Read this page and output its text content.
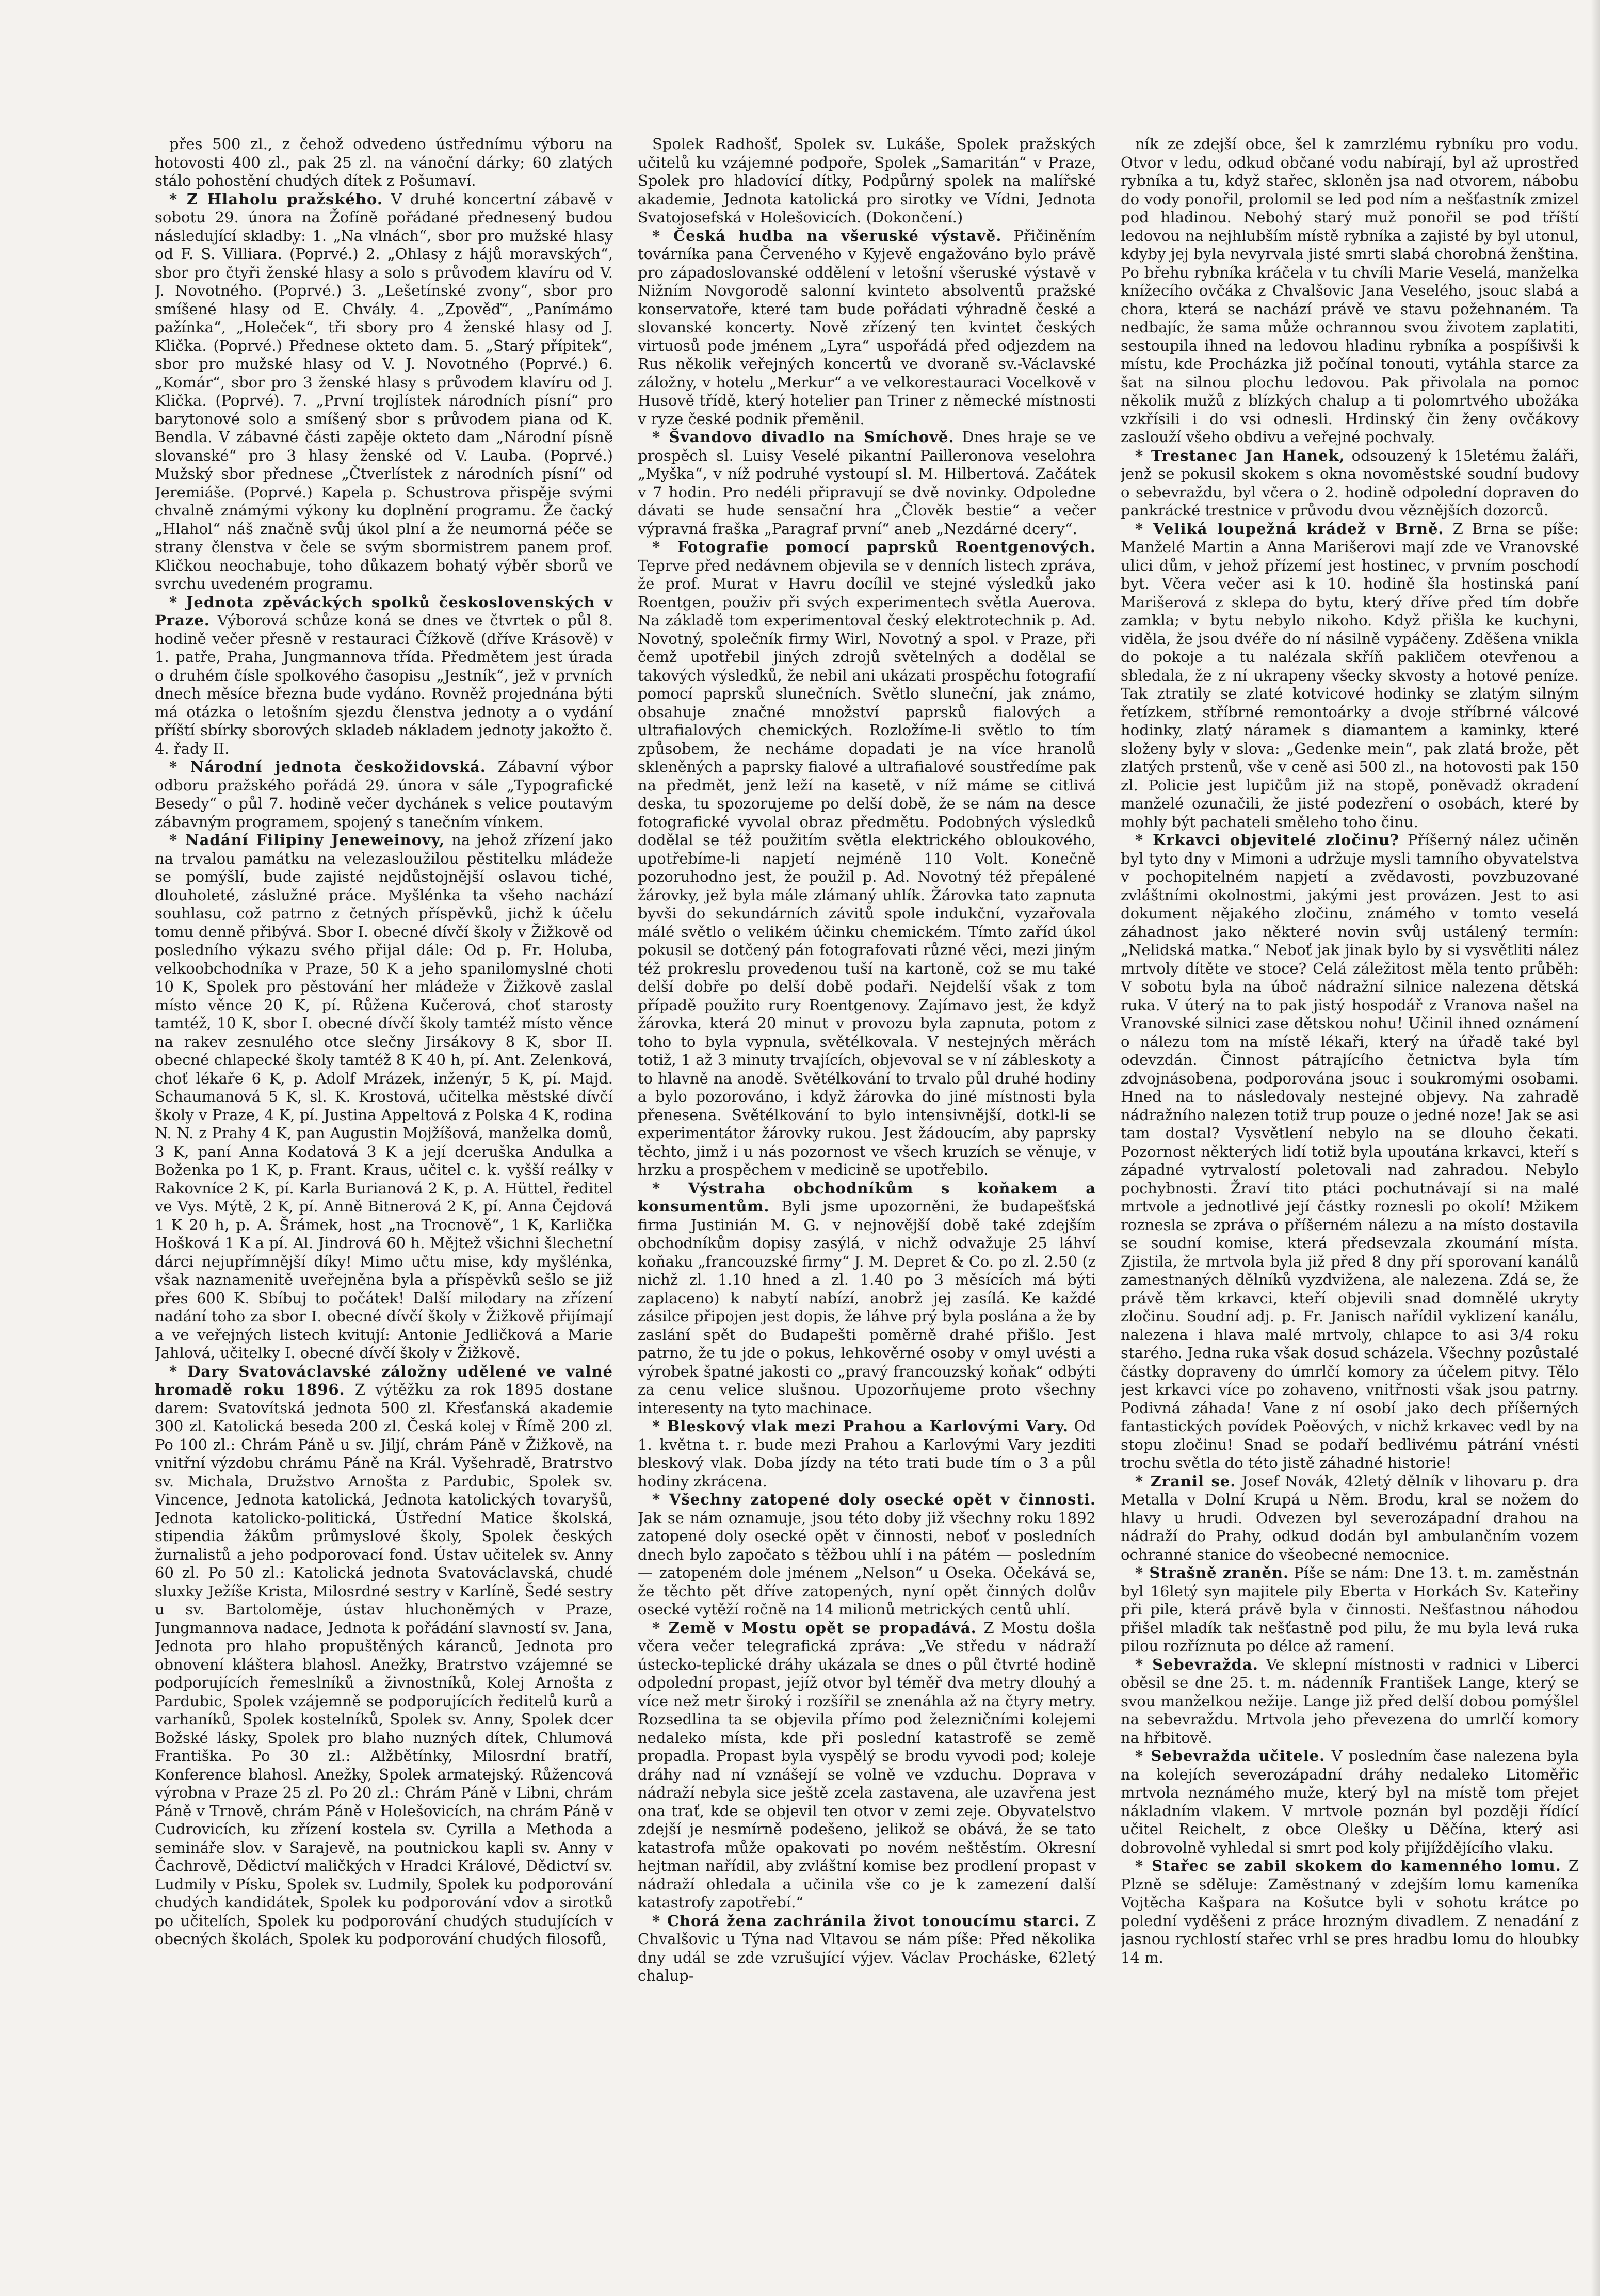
přes 500 zl., z čehož odvedeno ústřednímu výboru na hotovosti 400 zl., pak 25 zl. na vánoční dárky; 60 zlatých stálo pohostění chudých dítek z Pošumaví.

* Z Hlaholu pražského. V druhé koncertní zábavě v sobotu 29. února na Žofíně pořádané přednesený budou následující skladby: 1. „Na vlnách“, sbor pro mužské hlasy od F. S. Villiara. (Poprvé.) 2. „Ohlasy z hájů moravských“, sbor pro čtyři ženské hlasy a solo s průvodem klavíru od V. J. Novotného. (Poprvé.) 3. „Lešetínské zvony“, sbor pro smíšené hlasy od E. Chvály. 4. „Zpověď“, „Panímámo pažínka“, „Holeček“, tři sbory pro 4 ženské hlasy od J. Klička. (Poprvé.) Přednese okteto dam. 5. „Starý přípitek“, sbor pro mužské hlasy od V. J. Novotného (Poprvé.) 6. „Komár“, sbor pro 3 ženské hlasy s průvodem klavíru od J. Klička. (Poprvé). 7. „První trojlístek národních písní“ pro barytonové solo a smíšený sbor s průvodem piana od K. Bendla. V zábavné části zapěje okteto dam „Národní písně slovanské“ pro 3 hlasy ženské od V. Lauba. (Poprvé.) Mužský sbor přednese „Čtverlístek z národních písní“ od Jeremiáše. (Poprvé.) Kapela p. Schustrova přispěje svými chvalně známými výkony ku doplnění programu. Že čacký „Hlahol“ náš značně svůj úkol plní a že neumorná péče se strany členstva v čele se svým sbormistrem panem prof. Kličkou neochabuje, toho důkazem bohatý výběr sborů ve svrchu uvedeném programu.

* Jednota zpěváckých spolků československých v Praze. Výborová schůze koná se dnes ve čtvrtek o půl 8. hodině večer přesně v restauraci Čížkově (dříve Krásově) v 1. patře, Praha, Jungmannova třída. Předmětem jest úrada o druhém čísle spolkového časopisu „Jestník“, jež v prvních dnech měsíce března bude vydáno. Rovněž projednána býti má otázka o letošním sjezdu členstva jednoty a o vydání příští sbírky sborových skladeb nákladem jednoty jakožto č. 4. řady II.

* Národní jednota českožidovská. Zábavní výbor odboru pražského pořádá 29. února v sále „Typografické Besedy“ o půl 7. hodině večer dychánek s velice poutavým zábavným programem, spojený s tanečním vínkem.

* Nadání Filipiny Jeneweinovy, na jehož zřízení jako na trvalou památku na velezasloužilou pěstitelku mládeže se pomýšlí, bude zajisté nejdůstojnější oslavou tiché, dlouholeté, záslužné práce. Myšlénka ta všeho nachází souhlasu, což patrno z četných příspěvků, jichž k účelu tomu denně přibývá. Sbor I. obecné dívčí školy v Žižkově od posledního výkazu svého přijal dále: Od p. Fr. Holuba, velkoobchodníka v Praze, 50 K a jeho spanilomyslné choti 10 K, Spolek pro pěstování her mládeže v Žižkově zaslal místo věnce 20 K, pí. Růžena Kučerová, choť starosty tamtéž, 10 K, sbor I. obecné dívčí školy tamtéž místo věnce na rakev zesnulého otce slečny Jirsákovy 8 K, sbor II. obecné chlapecké školy tamtéž 8 K 40 h, pí. Ant. Zelenková, choť lékaře 6 K, p. Adolf Mrázek, inženýr, 5 K, pí. Majd. Schaumanová 5 K, sl. K. Krostová, učitelka městské dívčí školy v Praze, 4 K, pí. Justina Appeltová z Polska 4 K, rodina N. N. z Prahy 4 K, pan Augustin Mojžíšová, manželka domů, 3 K, paní Anna Kodatová 3 K a její dceruška Andulka a Boženka po 1 K, p. Frant. Kraus, učitel c. k. vyšší reálky v Rakovníce 2 K, pí. Karla Burianová 2 K, p. A. Hüttel, ředitel ve Vys. Mýtě, 2 K, pí. Anně Bitnerová 2 K, pí. Anna Čejdová 1 K 20 h, p. A. Šrámek, host „na Trocnově“, 1 K, Karlička Hošková 1 K a pí. Al. Jindrová 60 h. Mějtež všichni šlechetní dárci nejupřímnější díky! Mimo učtu mise, kdy myšlénka, však naznamenitě uveřejněna byla a příspěvků sešlo se již přes 600 K. Sbíbuj to počátek! Další milodary na zřízení nadání toho za sbor I. obecné dívčí školy v Žižkově přijímají a ve veřejných listech kvitují: Antonie Jedličková a Marie Jahlová, učitelky I. obecné dívčí školy v Žižkově.

* Dary Svatováclavské záložny udělené ve valné hromadě roku 1896. Z výtěžku za rok 1895 dostane darem: Svatovítská jednota 500 zl. Křesťanská akademie 300 zl. Katolická beseda 200 zl. Česká kolej v Římě 200 zl. Po 100 zl.: Chrám Páně u sv. Jiljí, chrám Páně v Žižkově, na vnitřní výzdobu chrámu Páně na Král. Vyšehradě, Bratrstvo sv. Michala, Družstvo Arnošta z Pardubic, Spolek sv. Vincence, Jednota katolická, Jednota katolických tovaryšů, Jednota katolicko-politická, Ústřední Matice školská, stipendia žákům průmyslové školy, Spolek českých žurnalistů a jeho podporovací fond. Ústav učitelek sv. Anny 60 zl. Po 50 zl.: Katolická jednota Svatováclavská, chudé sluxky Ježíše Krista, Milosrdné sestry v Karlíně, Šedé sestry u sv. Bartoloměje, ústav hluchoněmých v Praze, Jungmannova nadace, Jednota k pořádání slavností sv. Jana, Jednota pro hlaho propuštěných káranců, Jednota pro obnovení kláštera blahosl. Anežky, Bratrstvo vzájemné se podporujících řemeslníků a živnostníků, Kolej Arnošta z Pardubic, Spolek vzájemně se podporujících ředitelů kurů a varhaníků, Spolek kostelníků, Spolek sv. Anny, Spolek dcer Božské lásky, Spolek pro blaho nuzných dítek, Chlumová Františka. Po 30 zl.: Alžbětínky, Milosrdní bratří, Konference blahosl. Anežky, Spolek armatejský. Růžencová výrobna v Praze 25 zl. Po 20 zl.: Chrám Páně v Libni, chrám Páně v Trnově, chrám Páně v Holešovicích, na chrám Páně v Cudrovicích, ku zřízení kostela sv. Cyrilla a Methoda a semináře slov. v Sarajevě, na poutnickou kapli sv. Anny v Čachrově, Dědictví maličkých v Hradci Králové, Dědictví sv. Ludmily v Písku, Spolek sv. Ludmily, Spolek ku podporování chudých kandidátek, Spolek ku podporování vdov a sirotků po učitelích, Spolek ku podporování chudých studujících v obecných školách, Spolek ku podporování chudých filosofů,

Spolek Radhošť, Spolek sv. Lukáše, Spolek pražských učitelů ku vzájemné podpoře, Spolek „Samaritán“ v Praze, Spolek pro hladovící dítky, Podpůrný spolek na malířské akademie, Jednota katolická pro sirotky ve Vídni, Jednota Svatojosefská v Holešovicích. (Dokončení.)

* Česká hudba na všeruské výstavě. Přičiněním továrníka pana Červeného v Kyjevě engažováno bylo právě pro západoslovanské oddělení v letošní všeruské výstavě v Nižním Novgorodě salonní kvinteto absolventů pražské konservatoře, které tam bude pořádati výhradně české a slovanské koncerty. Nově zřízený ten kvintet českých virtuosů pode jménem „Lyra“ uspořádá před odjezdem na Rus několik veřejných koncertů ve dvoraně sv.-Václavské záložny, v hotelu „Merkur“ a ve velkorestauraci Vocelkově v Husově třídě, který hotelier pan Triner z německé místnosti v ryze české podnik přeměnil.

* Švandovo divadlo na Smíchově. Dnes hraje se ve prospěch sl. Luisy Veselé pikantní Pailleronova veselohra „Myška“, v níž podruhé vystoupí sl. M. Hilbertová. Začátek v 7 hodin. Pro nedéli připravují se dvě novinky. Odpoledne dávati se hude sensační hra „Člověk bestie“ a večer výpravná fraška „Paragraf první“ aneb „Nezdárné dcery“.

* Fotografie pomocí paprsků Roentgenových. Teprve před nedávnem objevila se v denních listech zpráva, že prof. Murat v Havru docílil ve stejné výsledků jako Roentgen, použiv při svých experimentech světla Auerova. Na základě tom experimentoval český elektrotechnik p. Ad. Novotný, společník firmy Wirl, Novotný a spol. v Praze, při čemž upotřebil jiných zdrojů světelných a dodělal se takových výsledků, že nebil ani ukázati prospěchu fotografií pomocí paprsků slunečních. Světlo sluneční, jak známo, obsahuje značné množství paprsků fialových a ultrafialových chemických. Rozložíme-li světlo to tím způsobem, že necháme dopadati je na více hranolů skleněných a paprsky fialové a ultrafialové soustředíme pak na předmět, jenž leží na kasetě, v níž máme se citlivá deska, tu spozorujeme po delší době, že se nám na desce fotografické vyvolal obraz předmětu. Podobných výsledků dodělal se též použitím světla elektrického obloukového, upotřebíme-li napjetí nejméně 110 Volt. Konečně pozoruhodno jest, že použil p. Ad. Novotný též přepálené žárovky, jež byla mále zlámaný uhlík. Žárovka tato zapnuta byvši do sekundárních závitů spole indukční, vyzařovala málé světlo o velikém účinku chemickém. Tímto zaříd úkol pokusil se dotčený pán fotografovati různé věci, mezi jiným též prokreslu provedenou tuší na kartoně, což se mu také delší dobře po delší době podaři. Nejdelší však z tom případě použito rury Roentgenovy. Zajímavo jest, že když žárovka, která 20 minut v provozu byla zapnuta, potom z toho to byla vypnula, světélkovala. V nestejných měrách totiž, 1 až 3 minuty trvajících, objevoval se v ní zábleskoty a to hlavně na anodě. Světélkování to trvalo půl druhé hodiny a bylo pozorováno, i když žárovka do jiné místnosti byla přenesena. Světélkování to bylo intensivnější, dotkl-li se experimentátor žárovky rukou. Jest žádoucím, aby paprsky těchto, jimž i u nás pozornost ve všech kruzích se věnuje, v hrzku a prospěchem v medicině se upotřebilo.

* Výstraha obchodníkům s koňakem a konsumentům. Byli jsme upozorněni, že budapešťská firma Justinián M. G. v nejnovější době také zdejším obchodníkům dopisy zasýlá, v nichž odvažuje 25 láhví koňaku „francouzské firmy“ J. M. Depret & Co. po zl. 2.50 (z nichž zl. 1.10 hned a zl. 1.40 po 3 měsících má býti zaplaceno) k nabytí nabízí, anobrž jej zasílá. Ke každé zásilce připojen jest dopis, že láhve prý byla poslána a že by zaslání spět do Budapešti poměrně drahé přišlo. Jest patrno, že tu jde o pokus, lehkověrné osoby v omyl uvésti a výrobek špatné jakosti co „pravý francouzský koňak“ odbýti za cenu velice slušnou. Upozorňujeme proto všechny interesenty na tyto machinace.

* Bleskový vlak mezi Prahou a Karlovými Vary. Od 1. května t. r. bude mezi Prahou a Karlovými Vary jezditi bleskový vlak. Doba jízdy na této trati bude tím o 3 a půl hodiny zkrácena.

* Všechny zatopené doly osecké opět v činnosti. Jak se nám oznamuje, jsou této doby již všechny roku 1892 zatopené doly osecké opět v činnosti, neboť v posledních dnech bylo započato s těžbou uhlí i na pátém — posledním — zatopeném dole jménem „Nelson“ u Oseka. Očekává se, že těchto pět dříve zatopených, nyní opět činných dolův osecké vytěží ročně na 14 milionů metrických centů uhlí.

* Země v Mostu opět se propadává. Z Mostu došla včera večer telegrafická zpráva: „Ve středu v nádraží ústecko-teplické dráhy ukázala se dnes o půl čtvrté hodině odpolední propast, jejíž otvor byl téměř dva metry dlouhý a více než metr široký i rozšířil se znenáhla až na čtyry metry. Rozsedlina ta se objevila přímo pod železničními kolejemi nedaleko místa, kde při poslední katastrofě se země propadla. Propast byla vyspělý se brodu vyvodi pod; koleje dráhy nad ní vznášejí se volně ve vzduchu. Doprava v nádraží nebyla sice ještě zcela zastavena, ale uzavřena jest ona trať, kde se objevil ten otvor v zemi zeje. Obyvatelstvo zdejší je nesmírně podešeno, jelikož se obává, že se tato katastrofa může opakovati po novém neštěstím. Okresní hejtman nařídil, aby zvláštní komise bez prodlení propast v nádraží ohledala a učinila vše co je k zamezení další katastrofy zapotřebí.“

* Chorá žena zachránila život tonoucímu starci. Z Chvalšovic u Týna nad Vltavou se nám píše: Před několika dny udál se zde vzrušující výjev. Václav Procháske, 62letý chalup-

ník ze zdejší obce, šel k zamrzlému rybníku pro vodu. Otvor v ledu, odkud občané vodu nabírají, byl až uprostřed rybníka a tu, když stařec, skloněn jsa nad otvorem, nábobu do vody ponořil, prolomil se led pod ním a nešťastník zmizel pod hladinou. Nebohý starý muž ponořil se pod tříští ledovou na nejhlubším místě rybníka a zajisté by byl utonul, kdyby jej byla nevyrvala jisté smrti slabá chorobná ženština. Po břehu rybníka kráčela v tu chvíli Marie Veselá, manželka knížecího ovčáka z Chvalšovic Jana Veselého, jsouc slabá a chora, která se nachází právě ve stavu požehnaném. Ta nedbajíc, že sama může ochrannou svou životem zaplatiti, sestoupila ihned na ledovou hladinu rybníka a pospíšivši k místu, kde Procházka již počínal tonouti, vytáhla starce za šat na silnou plochu ledovou. Pak přivolala na pomoc několik mužů z blízkých chalup a ti polomrtvého ubožáka vzkřísili i do vsi odnesli. Hrdinský čin ženy ovčákovy zaslouží všeho obdivu a veřejné pochvaly.

* Trestanec Jan Hanek, odsouzený k 15letému žaláři, jenž se pokusil skokem s okna novoměstské soudní budovy o sebevraždu, byl včera o 2. hodině odpolední dopraven do pankrácké trestnice v průvodu dvou věznějších dozorců.

* Veliká loupežná krádež v Brně. Z Brna se píše: Manželé Martin a Anna Marišerovi mají zde ve Vranovské ulici dům, v jehož přízemí jest hostinec, v prvním poschodí byt. Včera večer asi k 10. hodině šla hostinská paní Marišerová z sklepa do bytu, který dříve před tím dobře zamkla; v bytu nebylo nikoho. Když přišla ke kuchyni, viděla, že jsou dvéře do ní násilně vypáčeny. Zděšena vnikla do pokoje a tu nalézala skříň pakličem otevřenou a sbledala, že z ní ukrapeny všecky skvosty a hotové peníze. Tak ztratily se zlaté kotvicové hodinky se zlatým silným řetízkem, stříbrné remontoárky a dvoje stříbrné válcové hodinky, zlatý náramek s diamantem a kaminky, které složeny byly v slova: „Gedenke mein“, pak zlatá brože, pět zlatých prstenů, vše v ceně asi 500 zl., na hotovosti pak 150 zl. Policie jest lupičům již na stopě, poněvadž okradení manželé ozunačili, že jisté podezření o osobách, které by mohly být pachateli směleho toho činu.

* Krkavci objevitelé zločinu? Příšerný nález učiněn byl tyto dny v Mimoni a udržuje mysli tamního obyvatelstva v pochopitelném napjetí a zvědavosti, povzbuzované zvláštními okolnostmi, jakými jest provázen. Jest to asi dokument nějakého zločinu, známého v tomto veselá záhadnost jako některé novin svůj ustálený termín: „Nelidská matka.“ Neboť jak jinak bylo by si vysvětliti nález mrtvoly dítěte ve stoce? Celá záležitost měla tento průběh: V sobotu byla na úboč nádražní silnice nalezena dětská ruka. V úterý na to pak jistý hospodář z Vranova našel na Vranovské silnici zase dětskou nohu! Učinil ihned oznámení o nálezu tom na místě lékaři, který na úřadě také byl odevzdán. Činnost pátrajícího četnictva byla tím zdvojnásobena, podporována jsouc i soukromými osobami. Hned na to následovaly nestejné objevy. Na zahradě nádražního nalezen totiž trup pouze o jedné noze! Jak se asi tam dostal? Vysvětlení nebylo na se dlouho čekati. Pozornost některých lidí totiž byla upoutána krkavci, kteří s západné vytrvalostí poletovali nad zahradou. Nebylo pochybnosti. Žraví tito ptáci pochutnávají si na malé mrtvole a jednotlivé její částky roznesli po okolí! Mžikem roznesla se zpráva o příšerném nálezu a na místo dostavila se soudní komise, která předsevzala zkoumání místa. Zjistila, že mrtvola byla již před 8 dny pří sporovaní kanálů zamestnaných dělníků vyzdvižena, ale nalezena. Zdá se, že právě těm krkavci, kteří objevili snad domnělé ukryty zločinu. Soudní adj. p. Fr. Janisch nařídil vyklizení kanálu, nalezena i hlava malé mrtvoly, chlapce to asi 3/4 roku starého. Jedna ruka však dosud scházela. Všechny pozůstalé částky dopraveny do úmrlčí komory za účelem pitvy. Tělo jest krkavci více po zohaveno, vnitřnosti však jsou patrny. Podivná záhada! Vane z ní osobí jako dech příšerných fantastických povídek Poěových, v nichž krkavec vedl by na stopu zločinu! Snad se podaří bedlivému pátrání vnésti trochu světla do této jistě záhadné historie!

* Zranil se. Josef Novák, 42letý dělník v lihovaru p. dra Metalla v Dolní Krupá u Něm. Brodu, kral se nožem do hlavy u hrudi. Odvezen byl severozápadní drahou na nádraží do Prahy, odkud dodán byl ambulančním vozem ochranné stanice do všeobecné nemocnice.

* Strašně zraněn. Píše se nám: Dne 13. t. m. zaměstnán byl 16letý syn majitele pily Eberta v Horkách Sv. Kateřiny při pile, která právě byla v činnosti. Nešťastnou náhodou přišel mladík tak nešťastně pod pilu, že mu byla levá ruka pilou rozříznuta po délce až ramení.

* Sebevražda. Ve sklepní místnosti v radnici v Liberci oběsil se dne 25. t. m. nádenník František Lange, který se svou manželkou nežije. Lange již před delší dobou pomýšlel na sebevraždu. Mrtvola jeho převezena do umrlčí komory na hřbitově.

* Sebevražda učitele. V posledním čase nalezena byla na kolejích severozápadní dráhy nedaleko Litoměřic mrtvola neznámého muže, který byl na místě tom přejet nákladním vlakem. V mrtvole poznán byl později řídící učitel Reichelt, z obce Olešky u Děčína, který asi dobrovolně vyhledal si smrt pod koly přijíždějícího vlaku.

* Stařec se zabil skokem do kamenného lomu. Z Plzně se sděluje: Zaměstnaný v zdejším lomu kameníka Vojtěcha Kašpara na Košutce byli v sohotu krátce po polední vyděšeni z práce hrozným divadlem. Z nenadání z jasnou rychlostí stařec vrhl se pres hradbu lomu do hloubky 14 m.
